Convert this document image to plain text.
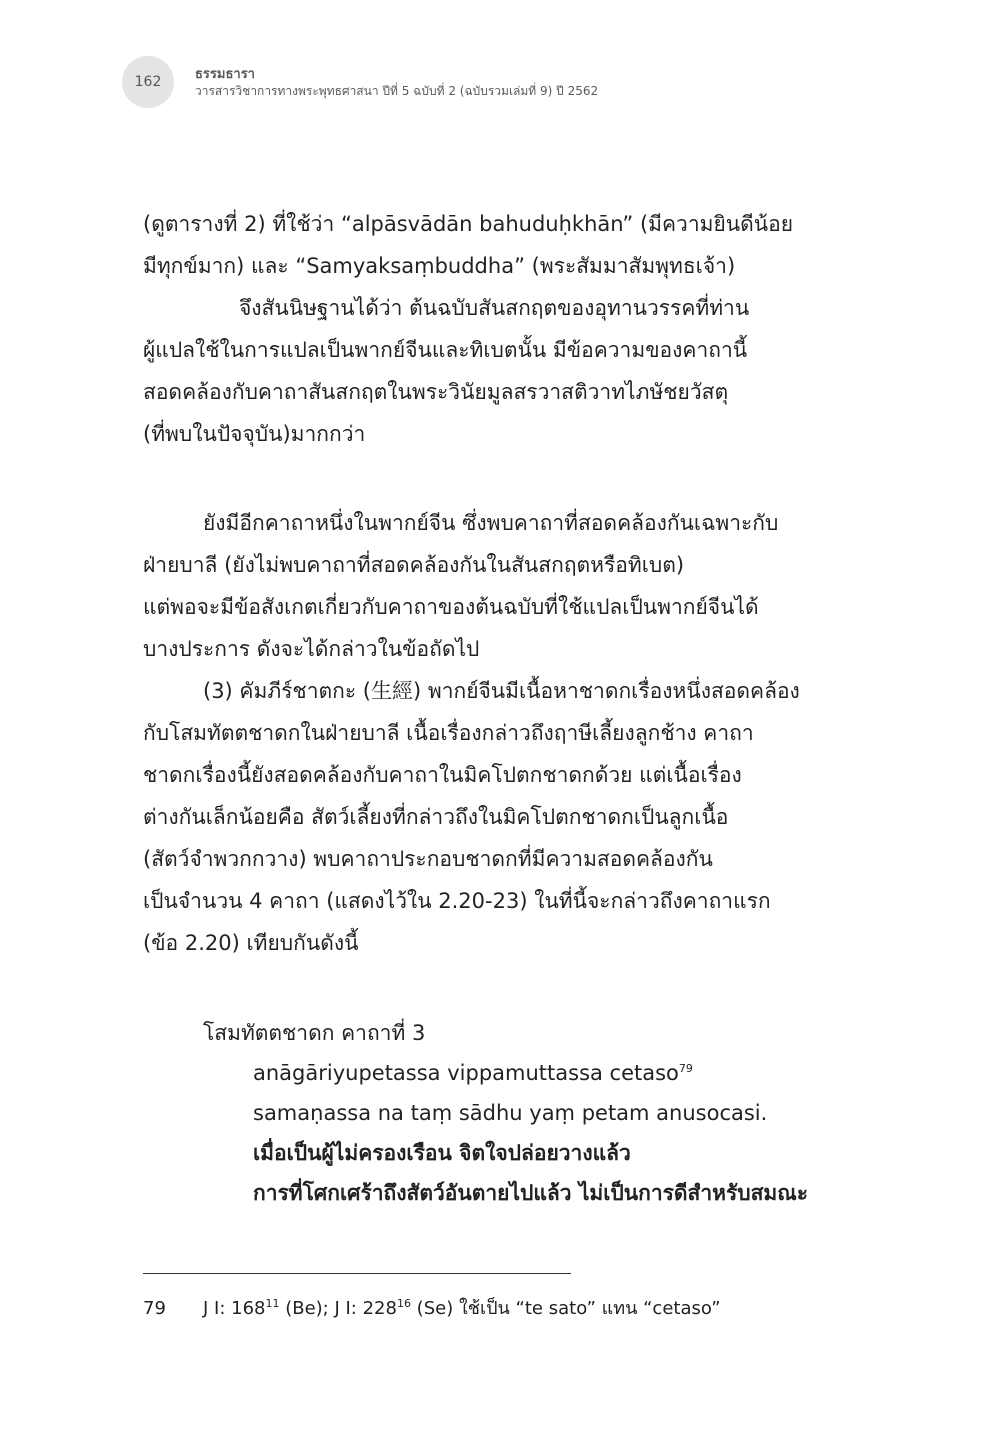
162	ธรรมธารา
วารสารวิชาการทางพระพุทธศาสนา ปีที่ 5 ฉบับที่ 2 (ฉบับรวมเล่มที่ 9) ปี 2562
(ดูตารางที่ 2) ที่ใช้ว่า “alpāsvādān bahuduḥkhān” (มีความยินดีน้อย
มีทุกข์มาก) และ “Samyaksaṃbuddha” (พระสัมมาสัมพุทธเจ้า)
จึงสันนิษฐานได้ว่า ต้นฉบับสันสกฤตของอุทานวรรคที่ท่าน
ผู้แปลใช้ในการแปลเป็นพากย์จีนและทิเบตนั้น มีข้อความของคาถานี้
สอดคล้องกับคาถาสันสกฤตในพระวินัยมูลสรวาสติวาทไภษัชยวัสตุ
(ที่พบในปัจจุบัน)มากกว่า
ยังมีอีกคาถาหนึ่งในพากย์จีน ซึ่งพบคาถาที่สอดคล้องกันเฉพาะกับ
ฝ่ายบาลี (ยังไม่พบคาถาที่สอดคล้องกันในสันสกฤตหรือทิเบต)
แต่พอจะมีข้อสังเกตเกี่ยวกับคาถาของต้นฉบับที่ใช้แปลเป็นพากย์จีนได้
บางประการ ดังจะได้กล่าวในข้อถัดไป
(3) คัมภีร์ชาตกะ (生經) พากย์จีนมีเนื้อหาชาดกเรื่องหนึ่งสอดคล้อง
กับโสมทัตตชาดกในฝ่ายบาลี เนื้อเรื่องกล่าวถึงฤาษีเลี้ยงลูกช้าง คาถา
ชาดกเรื่องนี้ยังสอดคล้องกับคาถาในมิคโปตกชาดกด้วย แต่เนื้อเรื่อง
ต่างกันเล็กน้อยคือ สัตว์เลี้ยงที่กล่าวถึงในมิคโปตกชาดกเป็นลูกเนื้อ
(สัตว์จำพวกกวาง) พบคาถาประกอบชาดกที่มีความสอดคล้องกัน
เป็นจำนวน 4 คาถา (แสดงไว้ใน 2.20-23) ในที่นี้จะกล่าวถึงคาถาแรก
(ข้อ 2.20) เทียบกันดังนี้
โสมทัตตชาดก คาถาที่ 3
anāgāriyupetassa vippamuttassa cetaso$^{79}$
samaṇassa na taṃ sādhu yaṃ petam anusocasi.
เมื่อเป็นผู้ไม่ครองเรือน จิตใจปล่อยวางแล้ว
การที่โศกเศร้าถึงสัตว์อันตายไปแล้ว ไม่เป็นการดีสำหรับสมณะ
79 J I: $168^{11}$ (Be); J I: $228^{16}$ (Se) ใช้เป็น “te sato” แทน “cetaso”
